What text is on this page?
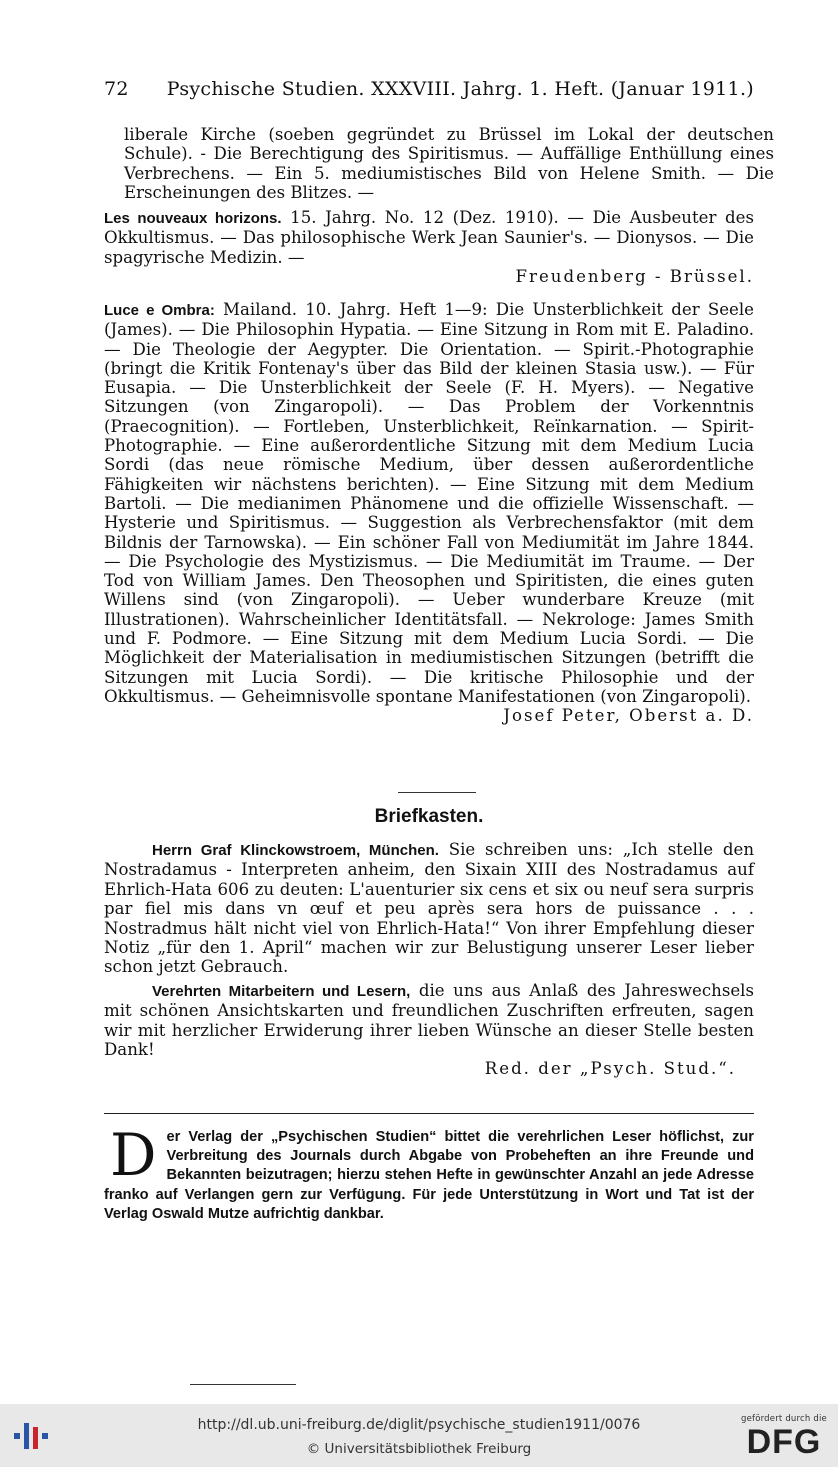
72 Psychische Studien. XXXVIII. Jahrg. 1. Heft. (Januar 1911.)

liberale Kirche (soeben gegründet zu Brüssel im Lokal der deutschen Schule). - Die Berechtigung des Spiritismus. — Auffällige Enthüllung eines Verbrechens. — Ein 5. mediumistisches Bild von Helene Smith. — Die Erscheinungen des Blitzes. —

Les nouveaux horizons. 15. Jahrg. No. 12 (Dez. 1910). — Die Ausbeuter des Okkultismus. — Das philosophische Werk Jean Saunier's. — Dionysos. — Die spagyrische Medizin. —

Freudenberg - Brüssel.

Luce e Ombra: Mailand. 10. Jahrg. Heft 1—9: Die Unsterblichkeit der Seele (James). — Die Philosophin Hypatia. — Eine Sitzung in Rom mit E. Paladino. — Die Theologie der Aegypter. Die Orientation. — Spirit.-Photographie (bringt die Kritik Fontenay's über das Bild der kleinen Stasia usw.). — Für Eusapia. — Die Unsterblichkeit der Seele (F. H. Myers). — Negative Sitzungen (von Zingaropoli). — Das Problem der Vorkenntnis (Praecognition). — Fortleben, Unsterblichkeit, Reïnkarnation. — Spirit-Photographie. — Eine außerordentliche Sitzung mit dem Medium Lucia Sordi (das neue römische Medium, über dessen außerordentliche Fähigkeiten wir nächstens berichten). — Eine Sitzung mit dem Medium Bartoli. — Die medianimen Phänomene und die offizielle Wissenschaft. — Hysterie und Spiritismus. — Suggestion als Verbrechensfaktor (mit dem Bildnis der Tarnowska). — Ein schöner Fall von Mediumität im Jahre 1844. — Die Psychologie des Mystizismus. — Die Mediumität im Traume. — Der Tod von William James. Den Theosophen und Spiritisten, die eines guten Willens sind (von Zingaropoli). — Ueber wunderbare Kreuze (mit Illustrationen). Wahrscheinlicher Identitätsfall. — Nekrologe: James Smith und F. Podmore. — Eine Sitzung mit dem Medium Lucia Sordi. — Die Möglichkeit der Materialisation in mediumistischen Sitzungen (betrifft die Sitzungen mit Lucia Sordi). — Die kritische Philosophie und der Okkultismus. — Geheimnisvolle spontane Manifestationen (von Zingaropoli).

Josef Peter, Oberst a. D.

Briefkasten.

Herrn Graf Klinckowstroem, München. Sie schreiben uns: „Ich stelle den Nostradamus - Interpreten anheim, den Sixain XIII des Nostradamus auf Ehrlich-Hata 606 zu deuten: L'auenturier six cens et six ou neuf sera surpris par fiel mis dans vn œuf et peu après sera hors de puissance . . . Nostradmus hält nicht viel von Ehrlich-Hata!“ Von ihrer Empfehlung dieser Notiz „für den 1. April“ machen wir zur Belustigung unserer Leser lieber schon jetzt Gebrauch.

Verehrten Mitarbeitern und Lesern, die uns aus Anlaß des Jahreswechsels mit schönen Ansichtskarten und freundlichen Zuschriften erfreuten, sagen wir mit herzlicher Erwiderung ihrer lieben Wünsche an dieser Stelle besten Dank!

Red. der „Psych. Stud.“.

D er Verlag der „Psychischen Studien“ bittet die verehrlichen Leser höflichst, zur Verbreitung des Journals durch Abgabe von Probeheften an ihre Freunde und Bekannten beizutragen; hierzu stehen Hefte in gewünschter Anzahl an jede Adresse franko auf Verlangen gern zur Verfügung. Für jede Unterstützung in Wort und Tat ist der Verlag Oswald Mutze aufrichtig dankbar.
http://dl.ub.uni-freiburg.de/diglit/psychische_studien1911/0076
© Universitätsbibliothek Freiburg
gefördert durch die
DFG
